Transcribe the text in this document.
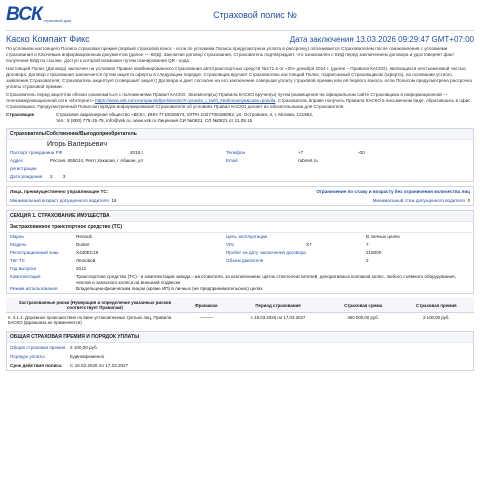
ВСК страховой дом
Страховой полис №
Каско Компакт Фикс	Дата заключения 13.03.2026 09:29:47 GMT+07:00
По условиям настоящего Полиса страховая премия (первый страховой взнос - если по условиям Полиса предусмотрена уплата в рассрочку) оплачивается Страхователем после ознакомления с условиями страхования и Ключевым информационным документом (далее — КИД). Заключая договор страхования, Страхователь подтверждает, что ознакомлен с КИД перед заключением договора и удостоверяет факт получения КИД по ссылке, доступ к которой возможен путем сканирования QR - кода.
Настоящий Полис (Договор) заключен на условиях Правил комбинированного страхования автотранспортных средств №171.6 от «20» декабря 2024 г. (далее – Правила КАСКО), являющихся неотъемлемой частью Договора. Договор страхования заключается путем акцепта оферты в следующем порядке: Страховщик вручает Страхователю настоящий Полис, подписанный Страховщиком (оферта), на основании устного заявления Страхователя; Страхователь акцептует (совершает акцепт) Договора и дает согласие на его заключение совершая уплату страховой премии или её первого взноса, если Полисом предусмотрена рассрочка уплаты страховой премии.
Страхователь перед акцептом обязан ознакомиться с положениями Правил КАСКО. Экземпляр(ы) Правила КАСКО вручен(ы) путем размещения на официальном сайте Страховщика в информационной — телекоммуникационной сети «Интернет» https://www.vsk.ru/o-kompanii/dlya-klientov?r=pravila_i_tarifi_strahovaniya&case=pravila. Страхователь вправе получить Правила КАСКО в письменном виде, обратившись в офис Страховщика. Предусмотренный Полисом порядок информирования Страхователя об условиях Правил КАСКО делает их обязательными для Страхователя.
Страховщик	Страховое акционерное общество «ВСК», ИНН 7710026574, ОГРН 1027700186062, ул. Островная, 4, г. Москва, 121552,
тел.: 8 (800) 775-15-75, info@vsk.ru, www.vsk.ru Лицензия СИ №0621, СЛ №0621 от 11.09.15
Страхователь/Собственник/Выгодоприобретатель
Игорь Валерьевич
Паспорт гражданина РФ	2018 г.	Телефон	+7	-00
Адрес регистрации
Россия, 655014, Респ Хакасия, г Абакан, ул	Email	rabmet.ru
Дата рождения	2 3
Лица, преимущественно управляющие ТС:	Ограничение по стажу и возрасту без ограничения количества лиц
Минимальный возраст допущенного водителя 18	Минимальный стаж допущенного водителя 0
СЕКЦИЯ 1. СТРАХОВАНИЕ ИМУЩЕСТВА
Застрахованное транспортное средство (ТС)
Марка	Renault	Цель эксплуатации	В личных целях
Модель	Duster	VIN	X7	7
Регистрационный знак	Х440ЕС19	Пробег на дату заключения договора	218000
Тип ТС	Легковой	Объем двигателя	2
Год выпуска	2012
Комплектация	Транспортное средство (ТС) - в комплектации завода - изготовителя, за исключением: щеток стеклоочистителей, декоративных колпаков колес, любого съёмного оборудования, чехлов и запасного колеса на внешней подвеске
Режим использования	Владельцем-физическим лицом (кроме ИП) в личных (не предпринимательских) целях
Застрахованные риски (Нумерация и определение указанных рисков соответствует Правилам)	Франшиза	Период страхования	Страховая сумма	Страховая премия
п. 4.1.2. Дорожное происшествие по вине установленных третьих лиц, Правила КАСКО (франшиза не применяется)	———	с 18.03.2026 по 17.03.2027	450 000,00 руб.	2 100,00 руб.
ОБЩАЯ СТРАХОВАЯ ПРЕМИЯ И ПОРЯДОК УПЛАТЫ
Общая страховая премия	2 100,00 руб.
Порядок уплаты	Единовременно
Срок действия полиса	С 18.03.2026 по 17.03.2027
